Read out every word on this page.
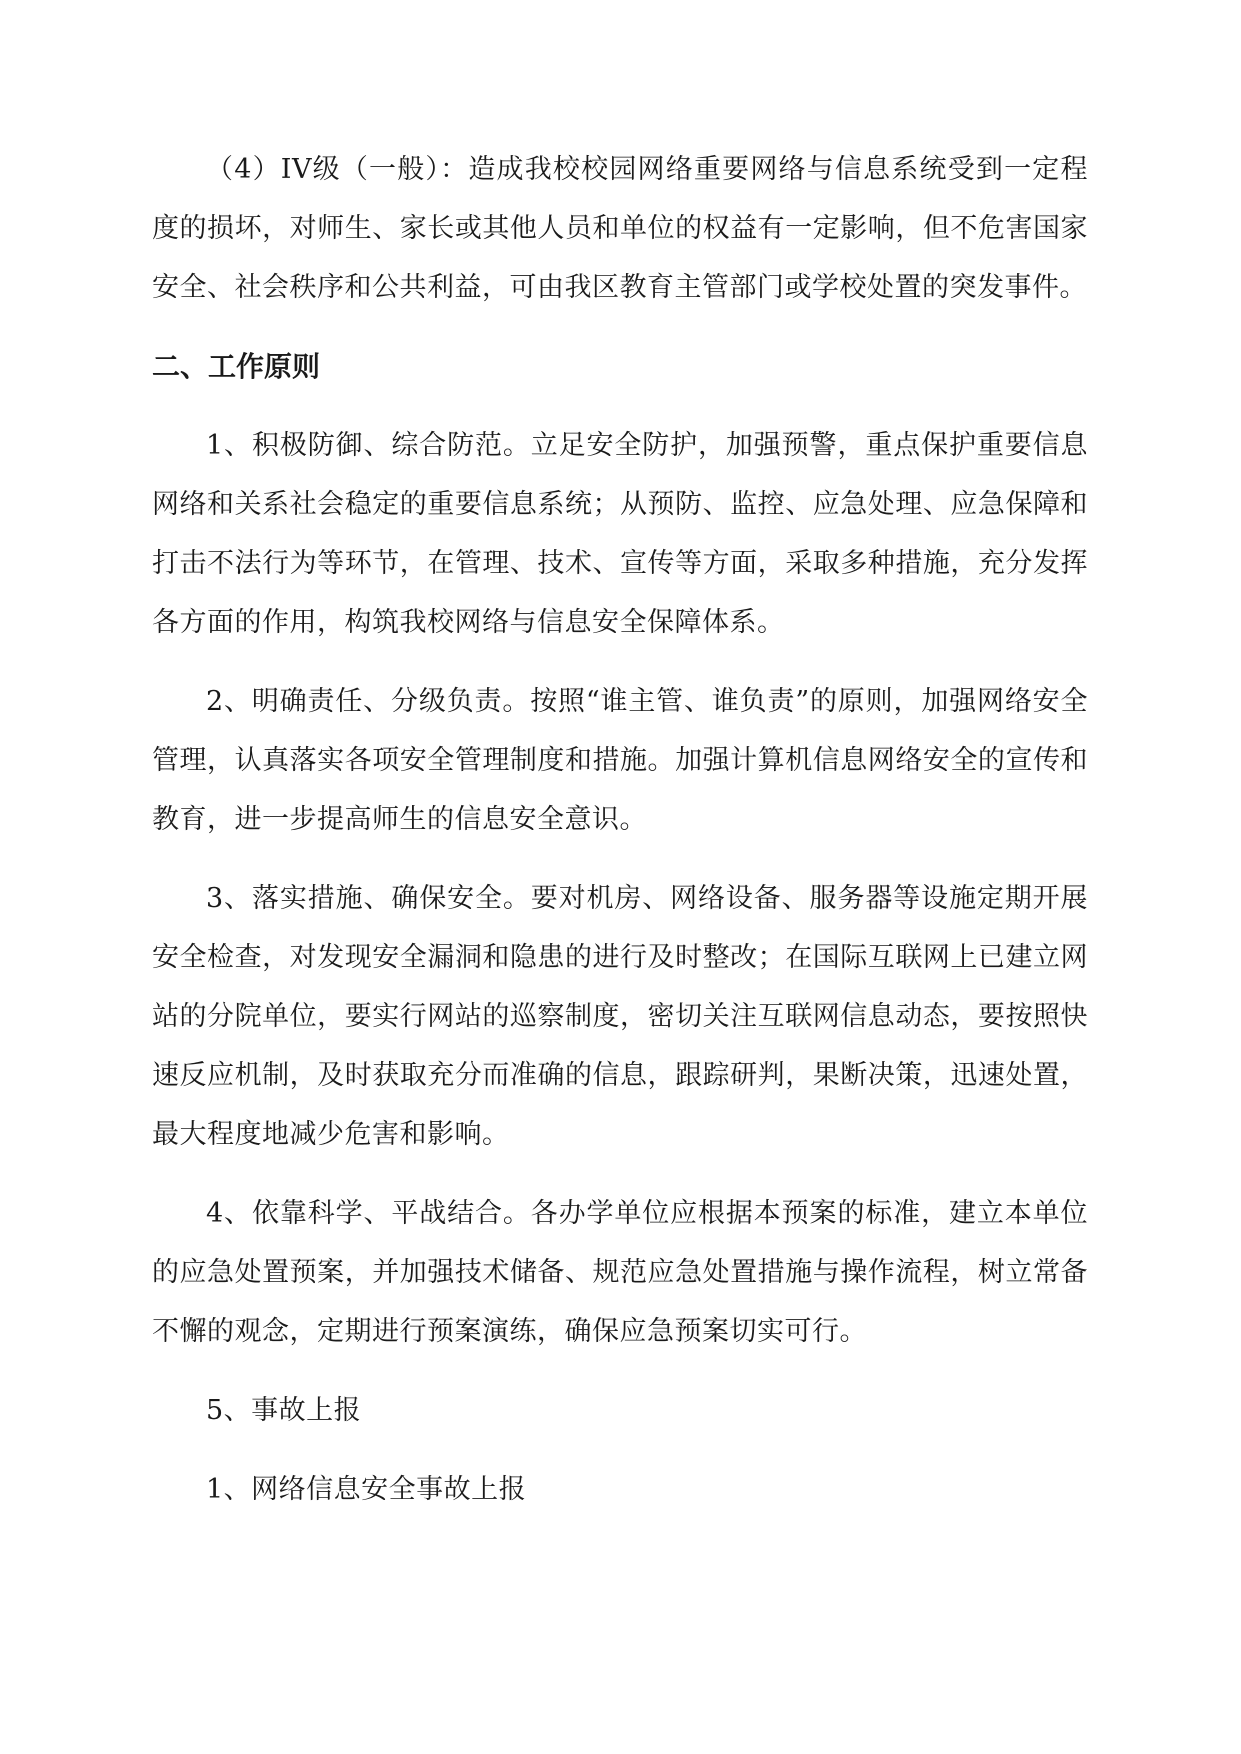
（4）IV级（一般）：造成我校校园网络重要网络与信息系统受到一定程度的损坏，对师生、家长或其他人员和单位的权益有一定影响，但不危害国家安全、社会秩序和公共利益，可由我区教育主管部门或学校处置的突发事件。

二、工作原则

1、积极防御、综合防范。立足安全防护，加强预警，重点保护重要信息网络和关系社会稳定的重要信息系统；从预防、监控、应急处理、应急保障和打击不法行为等环节，在管理、技术、宣传等方面，采取多种措施，充分发挥各方面的作用，构筑我校网络与信息安全保障体系。

2、明确责任、分级负责。按照“谁主管、谁负责”的原则，加强网络安全管理，认真落实各项安全管理制度和措施。加强计算机信息网络安全的宣传和教育，进一步提高师生的信息安全意识。

3、落实措施、确保安全。要对机房、网络设备、服务器等设施定期开展安全检查，对发现安全漏洞和隐患的进行及时整改；在国际互联网上已建立网站的分院单位，要实行网站的巡察制度，密切关注互联网信息动态，要按照快速反应机制，及时获取充分而准确的信息，跟踪研判，果断决策，迅速处置，最大程度地减少危害和影响。

4、依靠科学、平战结合。各办学单位应根据本预案的标准，建立本单位的应急处置预案，并加强技术储备、规范应急处置措施与操作流程，树立常备不懈的观念，定期进行预案演练，确保应急预案切实可行。

5、事故上报

1、网络信息安全事故上报
